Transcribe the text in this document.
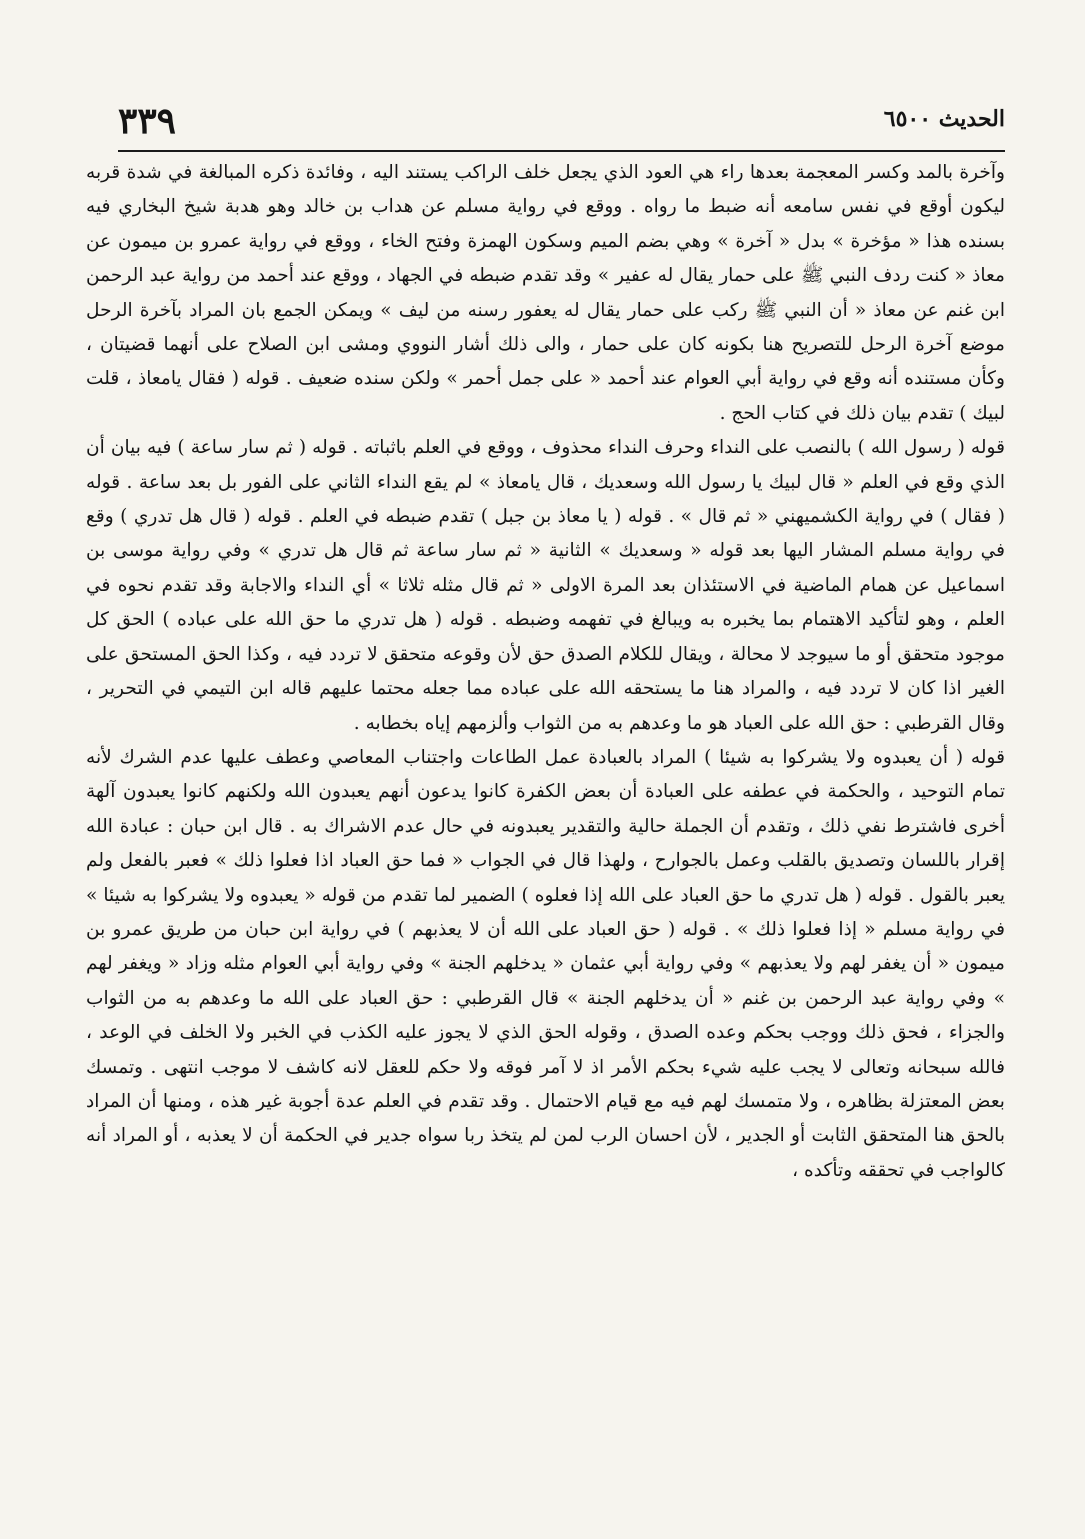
الحديث ٦٥٠٠
٣٣٩

وآخرة بالمد وكسر المعجمة بعدها راء هي العود الذي يجعل خلف الراكب يستند اليه ، وفائدة ذكره المبالغة في شدة قربه ليكون أوقع في نفس سامعه أنه ضبط ما رواه . ووقع في رواية مسلم عن هداب بن خالد وهو هدبة شيخ البخاري فيه بسنده هذا « مؤخرة » بدل « آخرة » وهي بضم الميم وسكون الهمزة وفتح الخاء ، ووقع في رواية عمرو بن ميمون عن معاذ « كنت ردف النبي ﷺ على حمار يقال له عفير » وقد تقدم ضبطه في الجهاد ، ووقع عند أحمد من رواية عبد الرحمن ابن غنم عن معاذ « أن النبي ﷺ ركب على حمار يقال له يعفور رسنه من ليف » ويمكن الجمع بان المراد بآخرة الرحل موضع آخرة الرحل للتصريح هنا بكونه كان على حمار ، والى ذلك أشار النووي ومشى ابن الصلاح على أنهما قضيتان ، وكأن مستنده أنه وقع في رواية أبي العوام عند أحمد « على جمل أحمر » ولكن سنده ضعيف . قوله ( فقال يامعاذ ، قلت لبيك ) تقدم بيان ذلك في كتاب الحج .

قوله ( رسول الله ) بالنصب على النداء وحرف النداء محذوف ، ووقع في العلم باثباته . قوله ( ثم سار ساعة ) فيه بيان أن الذي وقع في العلم « قال لبيك يا رسول الله وسعديك ، قال يامعاذ » لم يقع النداء الثاني على الفور بل بعد ساعة . قوله ( فقال ) في رواية الكشميهني « ثم قال » . قوله ( يا معاذ بن جبل ) تقدم ضبطه في العلم . قوله ( قال هل تدري ) وقع في رواية مسلم المشار اليها بعد قوله « وسعديك » الثانية « ثم سار ساعة ثم قال هل تدري » وفي رواية موسى بن اسماعيل عن همام الماضية في الاستئذان بعد المرة الاولى « ثم قال مثله ثلاثا » أي النداء والاجابة وقد تقدم نحوه في العلم ، وهو لتأكيد الاهتمام بما يخبره به ويبالغ في تفهمه وضبطه . قوله ( هل تدري ما حق الله على عباده ) الحق كل موجود متحقق أو ما سيوجد لا محالة ، ويقال للكلام الصدق حق لأن وقوعه متحقق لا تردد فيه ، وكذا الحق المستحق على الغير اذا كان لا تردد فيه ، والمراد هنا ما يستحقه الله على عباده مما جعله محتما عليهم قاله ابن التيمي في التحرير ، وقال القرطبي : حق الله على العباد هو ما وعدهم به من الثواب وألزمهم إياه بخطابه .

قوله ( أن يعبدوه ولا يشركوا به شيئا ) المراد بالعبادة عمل الطاعات واجتناب المعاصي وعطف عليها عدم الشرك لأنه تمام التوحيد ، والحكمة في عطفه على العبادة أن بعض الكفرة كانوا يدعون أنهم يعبدون الله ولكنهم كانوا يعبدون آلهة أخرى فاشترط نفي ذلك ، وتقدم أن الجملة حالية والتقدير يعبدونه في حال عدم الاشراك به . قال ابن حبان : عبادة الله إقرار باللسان وتصديق بالقلب وعمل بالجوارح ، ولهذا قال في الجواب « فما حق العباد اذا فعلوا ذلك » فعبر بالفعل ولم يعبر بالقول . قوله ( هل تدري ما حق العباد على الله إذا فعلوه ) الضمير لما تقدم من قوله « يعبدوه ولا يشركوا به شيئا » في رواية مسلم « إذا فعلوا ذلك » . قوله ( حق العباد على الله أن لا يعذبهم ) في رواية ابن حبان من طريق عمرو بن ميمون « أن يغفر لهم ولا يعذبهم » وفي رواية أبي عثمان « يدخلهم الجنة » وفي رواية أبي العوام مثله وزاد « ويغفر لهم » وفي رواية عبد الرحمن بن غنم « أن يدخلهم الجنة » قال القرطبي : حق العباد على الله ما وعدهم به من الثواب والجزاء ، فحق ذلك ووجب بحكم وعده الصدق ، وقوله الحق الذي لا يجوز عليه الكذب في الخبر ولا الخلف في الوعد ، فالله سبحانه وتعالى لا يجب عليه شيء بحكم الأمر اذ لا آمر فوقه ولا حكم للعقل لانه كاشف لا موجب انتهى . وتمسك بعض المعتزلة بظاهره ، ولا متمسك لهم فيه مع قيام الاحتمال . وقد تقدم في العلم عدة أجوبة غير هذه ، ومنها أن المراد بالحق هنا المتحقق الثابت أو الجدير ، لأن احسان الرب لمن لم يتخذ ربا سواه جدير في الحكمة أن لا يعذبه ، أو المراد أنه كالواجب في تحققه وتأكده ،
